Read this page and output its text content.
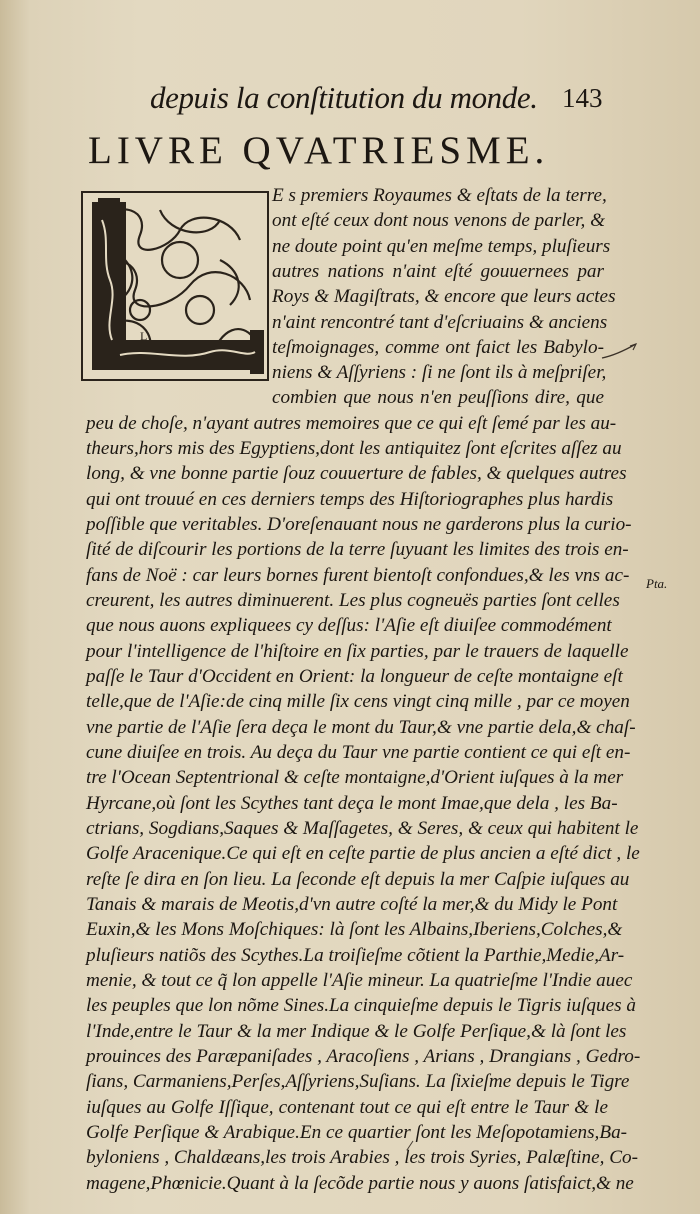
depuis la conſtitution du monde. 143
LIVRE QVATRIESME.
L
E s premiers Royaumes & eſtats de la terre,
ont eſté ceux dont nous venons de parler, &
ne doute point qu'en meſme temps, pluſieurs
autres nations n'aint eſté gouuernees par
Roys & Magiſtrats, & encore que leurs actes
n'aint rencontré tant d'eſcriuains & anciens
teſmoignages, comme ont faict les Babylo-
niens & Aſſyriens : ſi ne ſont ils à meſpriſer,
combien que nous n'en peuſſions dire, que
peu de choſe, n'ayant autres memoires que ce qui eſt ſemé par les au-
theurs,hors mis des Egyptiens,dont les antiquitez ſont eſcrites aſſez au
long, & vne bonne partie ſouz couuerture de fables, & quelques autres
qui ont trouué en ces derniers temps des Hiſtoriographes plus hardis
poſſible que veritables. D'oreſenauant nous ne garderons plus la curio-
ſité de diſcourir les portions de la terre ſuyuant les limites des trois en-
fans de Noë : car leurs bornes furent bientoſt confondues,& les vns ac-
creurent, les autres diminuerent. Les plus cogneuës parties ſont celles
que nous auons expliquees cy deſſus: l'Aſie eſt diuiſee commodément
pour l'intelligence de l'hiſtoire en ſix parties, par le trauers de laquelle
paſſe le Taur d'Occident en Orient: la longueur de ceſte montaigne eſt
telle,que de l'Aſie:de cinq mille ſix cens vingt cinq mille , par ce moyen
vne partie de l'Aſie ſera deça le mont du Taur,& vne partie dela,& chaſ-
cune diuiſee en trois. Au deça du Taur vne partie contient ce qui eſt en-
tre l'Ocean Septentrional & ceſte montaigne,d'Orient iuſques à la mer
Hyrcane,où ſont les Scythes tant deça le mont Imae,que dela , les Ba-
ctrians, Sogdians,Saques & Maſſagetes, & Seres, & ceux qui habitent le
Golfe Aracenique.Ce qui eſt en ceſte partie de plus ancien a eſté dict , le
reſte ſe dira en ſon lieu. La ſeconde eſt depuis la mer Caſpie iuſques au
Tanais & marais de Meotis,d'vn autre coſté la mer,& du Midy le Pont
Euxin,& les Mons Moſchiques: là ſont les Albains,Iberiens,Colches,&
pluſieurs natiõs des Scythes.La troiſieſme cõtient la Parthie,Medie,Ar-
menie, & tout ce q̃ lon appelle l'Aſie mineur. La quatrieſme l'Indie auec
les peuples que lon nõme Sines.La cinquieſme depuis le Tigris iuſques à
l'Inde,entre le Taur & la mer Indique & le Golfe Perſique,& là ſont les
prouinces des Paræpaniſades , Aracoſiens , Arians , Drangians , Gedro-
ſians, Carmaniens,Perſes,Aſſyriens,Suſians. La ſixieſme depuis le Tigre
iuſques au Golfe Iſſique, contenant tout ce qui eſt entre le Taur & le
Golfe Perſique & Arabique.En ce quartier ſont les Meſopotamiens,Ba-
byloniens , Chaldæans,les trois Arabies , les trois Syries, Palæſtine, Co-
magene,Phœnicie.Quant à la ſecõde partie nous y auons ſatisfaict,& ne
Pta.
